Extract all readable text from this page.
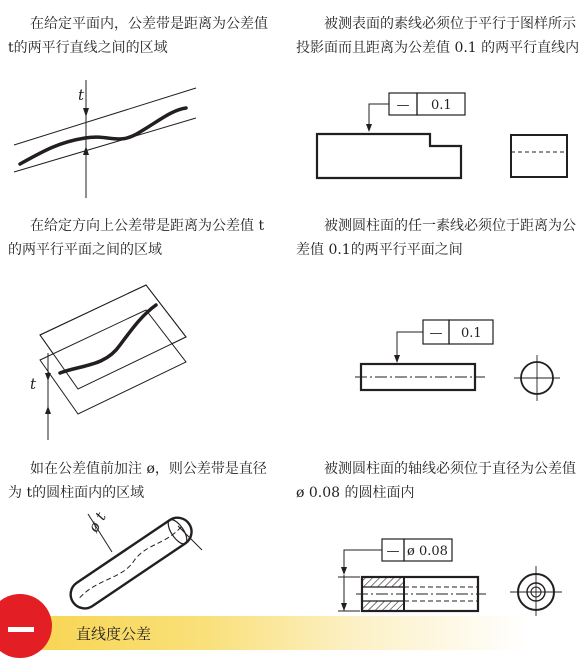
在给定平面内，公差带是距离为公差值t的两平行直线之间的区域

被测表面的素线必须位于平行于图样所示投影面而且距离为公差值 0.1 的两平行直线内

t
— 0.1

在给定方向上公差带是距离为公差值 t的两平行平面之间的区域

被测圆柱面的任一素线必须位于距离为公差值 0.1的两平行平面之间

t
— 0.1

如在公差值前加注 ø，则公差带是直径为 t的圆柱面内的区域

被测圆柱面的轴线必须位于直径为公差值 ø 0.08 的圆柱面内

ø t
— ø 0.08
直线度公差
